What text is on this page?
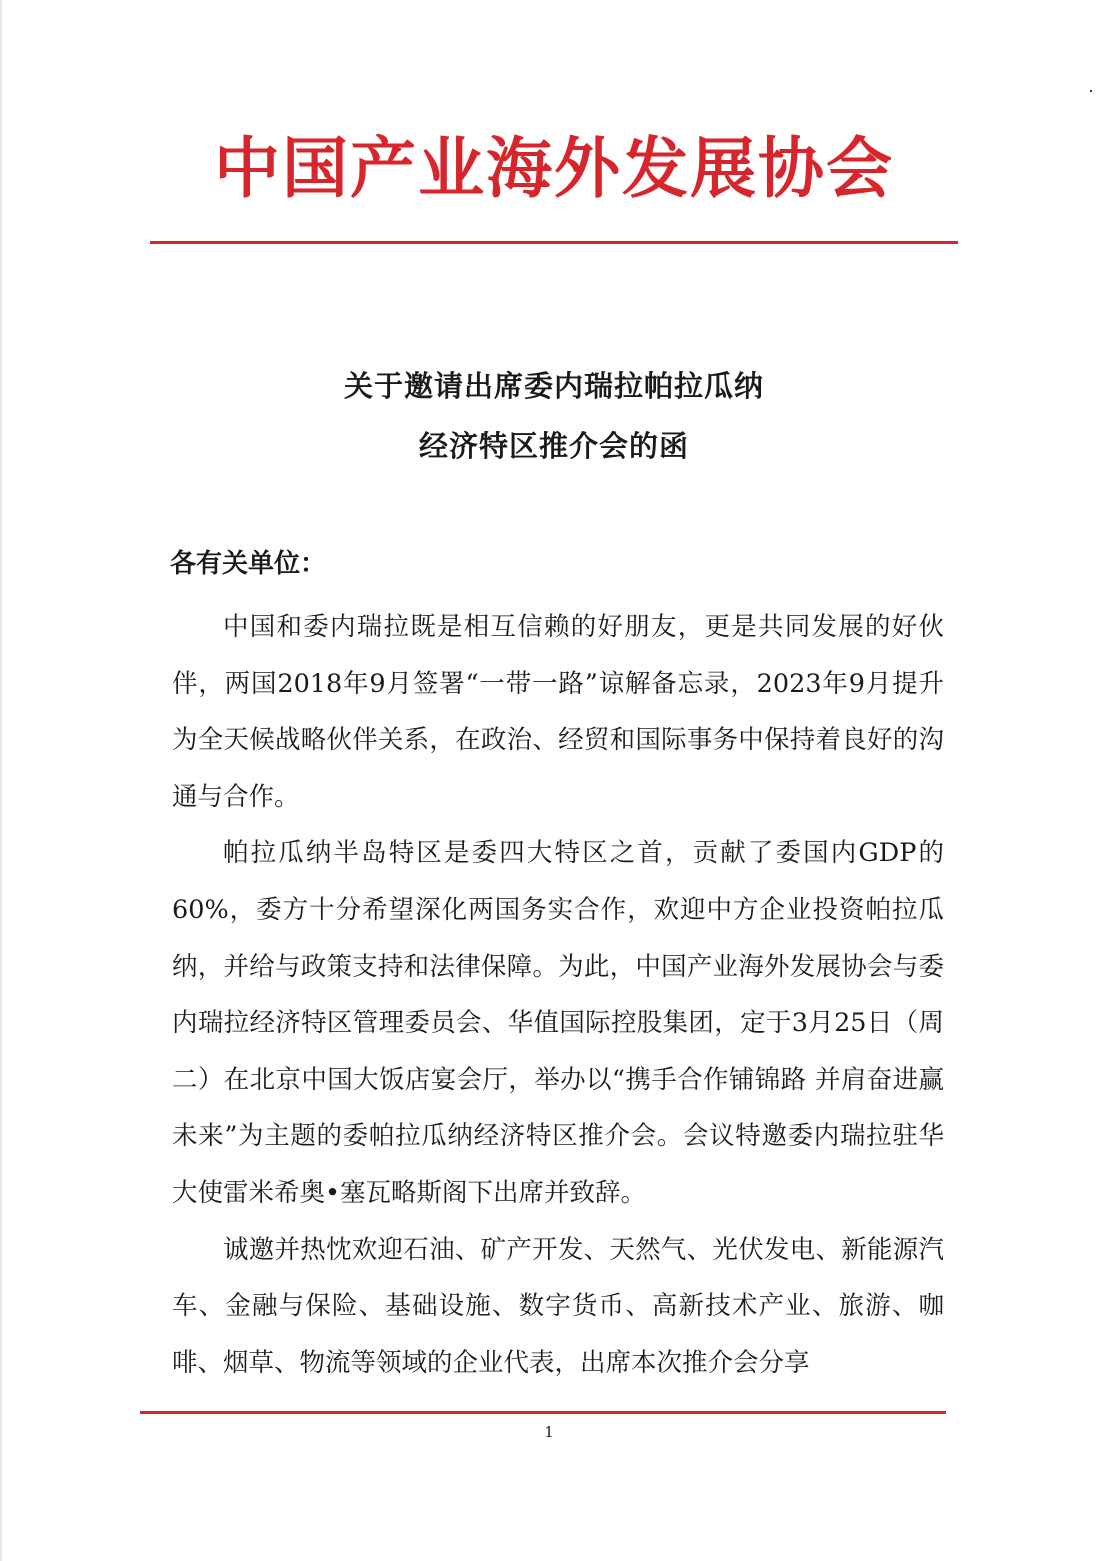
中国产业海外发展协会
关于邀请出席委内瑞拉帕拉瓜纳
经济特区推介会的函
各有关单位：

中国和委内瑞拉既是相互信赖的好朋友，更是共同发展的好伙伴，两国2018年9月签署“一带一路”谅解备忘录，2023年9月提升为全天候战略伙伴关系，在政治、经贸和国际事务中保持着良好的沟通与合作。

帕拉瓜纳半岛特区是委四大特区之首，贡献了委国内GDP的60%，委方十分希望深化两国务实合作，欢迎中方企业投资帕拉瓜纳，并给与政策支持和法律保障。为此，中国产业海外发展协会与委内瑞拉经济特区管理委员会、华值国际控股集团，定于3月25日（周二）在北京中国大饭店宴会厅，举办以“携手合作铺锦路 并肩奋进赢未来”为主题的委帕拉瓜纳经济特区推介会。会议特邀委内瑞拉驻华大使雷米希奥•塞瓦略斯阁下出席并致辞。

诚邀并热忱欢迎石油、矿产开发、天然气、光伏发电、新能源汽车、金融与保险、基础设施、数字货币、高新技术产业、旅游、咖啡、烟草、物流等领域的企业代表，出席本次推介会分享

1
